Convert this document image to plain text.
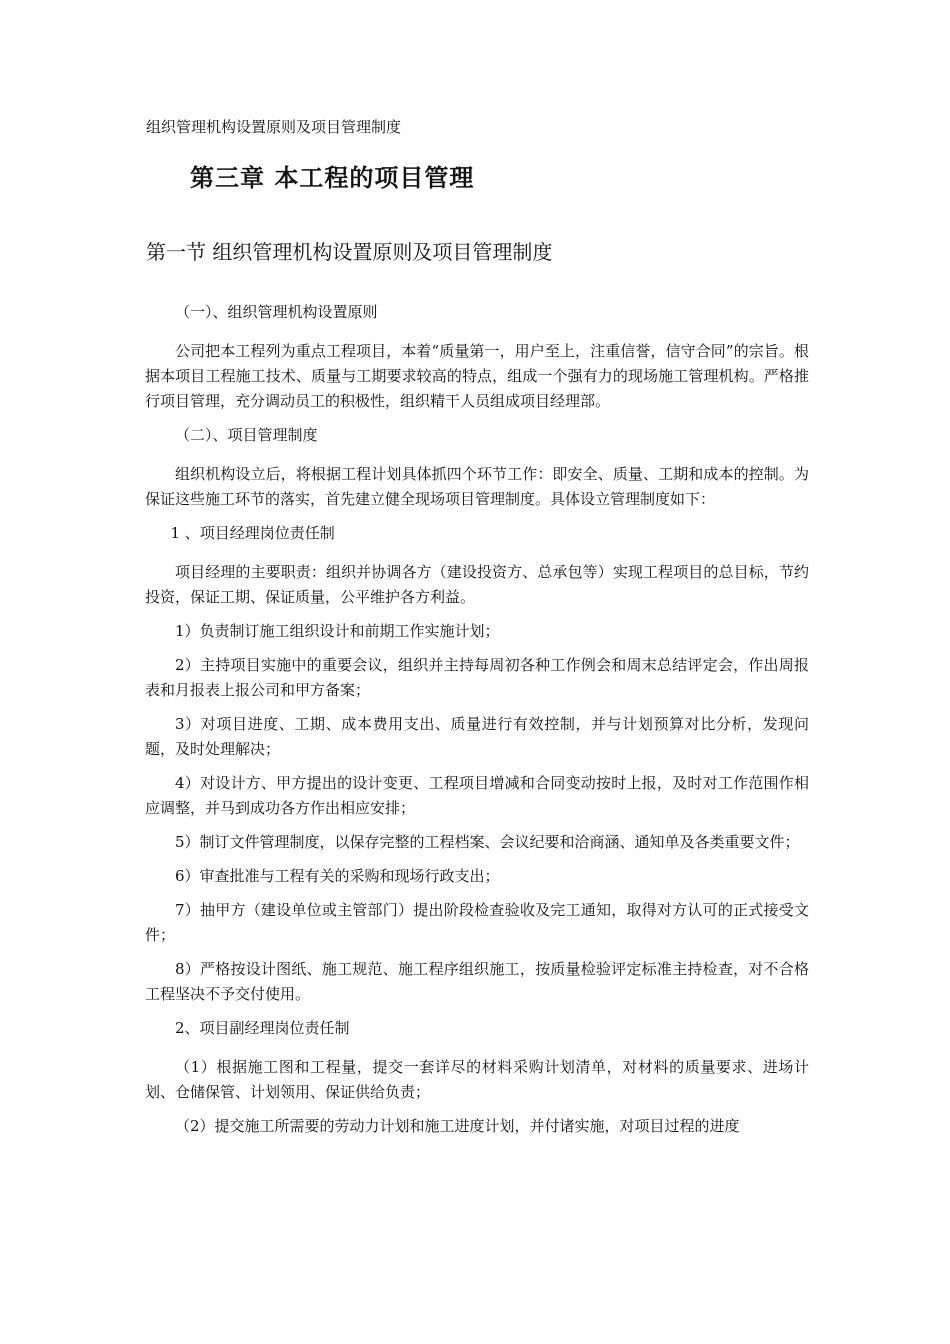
组织管理机构设置原则及项目管理制度
第三章 本工程的项目管理
第一节 组织管理机构设置原则及项目管理制度

（一）、组织管理机构设置原则

公司把本工程列为重点工程项目，本着“质量第一，用户至上，注重信誉，信守合同”的宗旨。根据本项目工程施工技术、质量与工期要求较高的特点，组成一个强有力的现场施工管理机构。严格推行项目管理，充分调动员工的积极性，组织精干人员组成项目经理部。

（二）、项目管理制度

组织机构设立后，将根据工程计划具体抓四个环节工作：即安全、质量、工期和成本的控制。为保证这些施工环节的落实，首先建立健全现场项目管理制度。具体设立管理制度如下：

1 、项目经理岗位责任制

项目经理的主要职责：组织并协调各方（建设投资方、总承包等）实现工程项目的总目标，节约投资，保证工期、保证质量，公平维护各方利益。

1）负责制订施工组织设计和前期工作实施计划；

2）主持项目实施中的重要会议，组织并主持每周初各种工作例会和周末总结评定会，作出周报表和月报表上报公司和甲方备案；

3）对项目进度、工期、成本费用支出、质量进行有效控制，并与计划预算对比分析，发现问题，及时处理解决；

4）对设计方、甲方提出的设计变更、工程项目增减和合同变动按时上报，及时对工作范围作相应调整，并马到成功各方作出相应安排；

5）制订文件管理制度，以保存完整的工程档案、会议纪要和洽商涵、通知单及各类重要文件；

6）审查批准与工程有关的采购和现场行政支出；

7）抽甲方（建设单位或主管部门）提出阶段检查验收及完工通知，取得对方认可的正式接受文件；

8）严格按设计图纸、施工规范、施工程序组织施工，按质量检验评定标准主持检查，对不合格工程坚决不予交付使用。

2、项目副经理岗位责任制

（1）根据施工图和工程量，提交一套详尽的材料采购计划清单，对材料的质量要求、进场计划、仓储保管、计划领用、保证供给负责；

（2）提交施工所需要的劳动力计划和施工进度计划，并付诸实施，对项目过程的进度
